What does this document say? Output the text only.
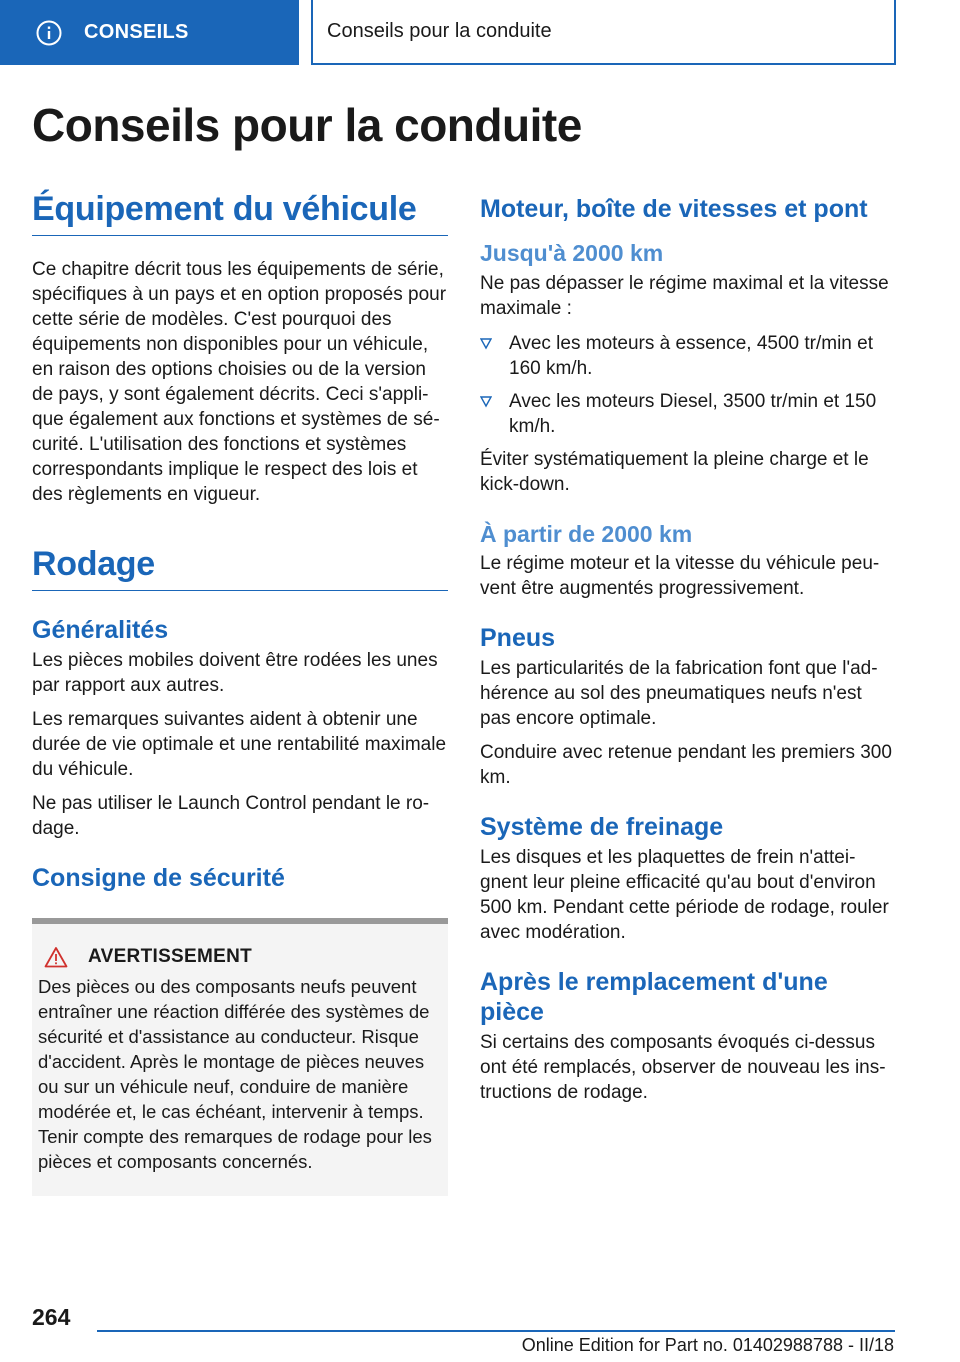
CONSEILS	Conseils pour la conduite
Conseils pour la conduite
Équipement du véhicule

Ce chapitre décrit tous les équipements de série, spécifiques à un pays et en option proposés pour cette série de modèles. C'est pourquoi des équipements non disponibles pour un véhicule, en raison des options choisies ou de la version de pays, y sont également décrits. Ceci s'applique également aux fonctions et systèmes de sécurité. L'utilisation des fonctions et systèmes correspondants implique le respect des lois et des règlements en vigueur.

Rodage
Généralités

Les pièces mobiles doivent être rodées les unes par rapport aux autres.

Les remarques suivantes aident à obtenir une durée de vie optimale et une rentabilité maximale du véhicule.

Ne pas utiliser le Launch Control pendant le rodage.

Consigne de sécurité
AVERTISSEMENT

Des pièces ou des composants neufs peuvent entraîner une réaction différée des systèmes de sécurité et d'assistance au conducteur. Risque d'accident. Après le montage de pièces neuves ou sur un véhicule neuf, conduire de manière modérée et, le cas échéant, intervenir à temps. Tenir compte des remarques de rodage pour les pièces et composants concernés.

Moteur, boîte de vitesses et pont
Jusqu'à 2000 km

Ne pas dépasser le régime maximal et la vitesse maximale :

Avec les moteurs à essence, 4500 tr/min et 160 km/h.
Avec les moteurs Diesel, 3500 tr/min et 150 km/h.

Éviter systématiquement la pleine charge et le kick-down.

À partir de 2000 km

Le régime moteur et la vitesse du véhicule peuvent être augmentés progressivement.

Pneus

Les particularités de la fabrication font que l'adhérence au sol des pneumatiques neufs n'est pas encore optimale.

Conduire avec retenue pendant les premiers 300 km.

Système de freinage

Les disques et les plaquettes de frein n'atteignent leur pleine efficacité qu'au bout d'environ 500 km. Pendant cette période de rodage, rouler avec modération.

Après le remplacement d'une pièce

Si certains des composants évoqués ci-dessus ont été remplacés, observer de nouveau les instructions de rodage.

264
Online Edition for Part no. 01402988788 - II/18
